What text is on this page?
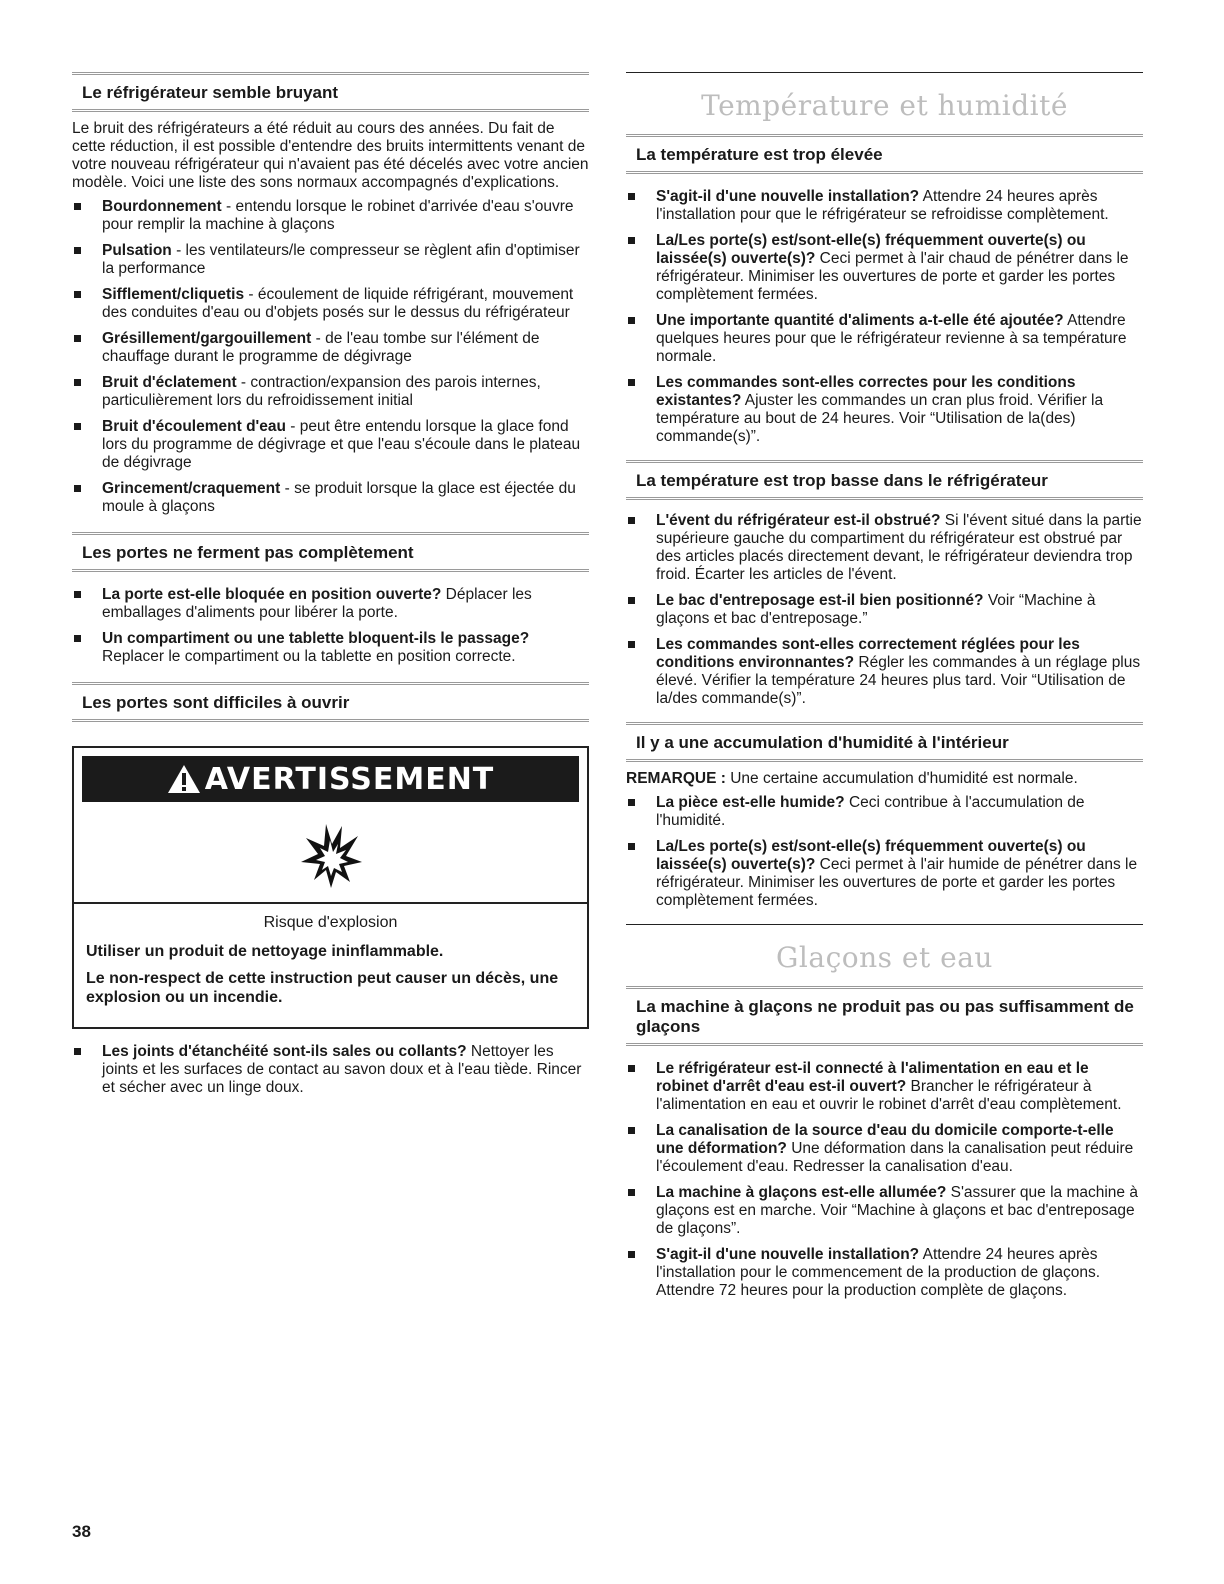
Le réfrigérateur semble bruyant

Le bruit des réfrigérateurs a été réduit au cours des années. Du fait de cette réduction, il est possible d'entendre des bruits intermittents venant de votre nouveau réfrigérateur qui n'avaient pas été décelés avec votre ancien modèle. Voici une liste des sons normaux accompagnés d'explications.

Bourdonnement - entendu lorsque le robinet d'arrivée d'eau s'ouvre pour remplir la machine à glaçons
Pulsation - les ventilateurs/le compresseur se règlent afin d'optimiser la performance
Sifflement/cliquetis - écoulement de liquide réfrigérant, mouvement des conduites d'eau ou d'objets posés sur le dessus du réfrigérateur
Grésillement/gargouillement - de l'eau tombe sur l'élément de chauffage durant le programme de dégivrage
Bruit d'éclatement - contraction/expansion des parois internes, particulièrement lors du refroidissement initial
Bruit d'écoulement d'eau - peut être entendu lorsque la glace fond lors du programme de dégivrage et que l'eau s'écoule dans le plateau de dégivrage
Grincement/craquement - se produit lorsque la glace est éjectée du moule à glaçons
Les portes ne ferment pas complètement
La porte est-elle bloquée en position ouverte? Déplacer les emballages d'aliments pour libérer la porte.
Un compartiment ou une tablette bloquent-ils le passage? Replacer le compartiment ou la tablette en position correcte.
Les portes sont difficiles à ouvrir
AVERTISSEMENT
Risque d'explosion
Utiliser un produit de nettoyage ininflammable.
Le non-respect de cette instruction peut causer un décès, une explosion ou un incendie.
Les joints d'étanchéité sont-ils sales ou collants? Nettoyer les joints et les surfaces de contact au savon doux et à l'eau tiède. Rincer et sécher avec un linge doux.
Température et humidité
La température est trop élevée
S'agit-il d'une nouvelle installation? Attendre 24 heures après l'installation pour que le réfrigérateur se refroidisse complètement.
La/Les porte(s) est/sont-elle(s) fréquemment ouverte(s) ou laissée(s) ouverte(s)? Ceci permet à l'air chaud de pénétrer dans le réfrigérateur. Minimiser les ouvertures de porte et garder les portes complètement fermées.
Une importante quantité d'aliments a-t-elle été ajoutée? Attendre quelques heures pour que le réfrigérateur revienne à sa température normale.
Les commandes sont-elles correctes pour les conditions existantes? Ajuster les commandes un cran plus froid. Vérifier la température au bout de 24 heures. Voir “Utilisation de la(des) commande(s)”.
La température est trop basse dans le réfrigérateur
L'évent du réfrigérateur est-il obstrué? Si l'évent situé dans la partie supérieure gauche du compartiment du réfrigérateur est obstrué par des articles placés directement devant, le réfrigérateur deviendra trop froid. Écarter les articles de l'évent.
Le bac d'entreposage est-il bien positionné? Voir “Machine à glaçons et bac d'entreposage.”
Les commandes sont-elles correctement réglées pour les conditions environnantes? Régler les commandes à un réglage plus élevé. Vérifier la température 24 heures plus tard. Voir “Utilisation de la/des commande(s)”.
Il y a une accumulation d'humidité à l'intérieur

REMARQUE : Une certaine accumulation d'humidité est normale.

La pièce est-elle humide? Ceci contribue à l'accumulation de l'humidité.
La/Les porte(s) est/sont-elle(s) fréquemment ouverte(s) ou laissée(s) ouverte(s)? Ceci permet à l'air humide de pénétrer dans le réfrigérateur. Minimiser les ouvertures de porte et garder les portes complètement fermées.
Glaçons et eau
La machine à glaçons ne produit pas ou pas suffisamment de glaçons
Le réfrigérateur est-il connecté à l'alimentation en eau et le robinet d'arrêt d'eau est-il ouvert? Brancher le réfrigérateur à l'alimentation en eau et ouvrir le robinet d'arrêt d'eau complètement.
La canalisation de la source d'eau du domicile comporte-t-elle une déformation? Une déformation dans la canalisation peut réduire l'écoulement d'eau. Redresser la canalisation d'eau.
La machine à glaçons est-elle allumée? S'assurer que la machine à glaçons est en marche. Voir “Machine à glaçons et bac d'entreposage de glaçons”.
S'agit-il d'une nouvelle installation? Attendre 24 heures après l'installation pour le commencement de la production de glaçons. Attendre 72 heures pour la production complète de glaçons.
38
